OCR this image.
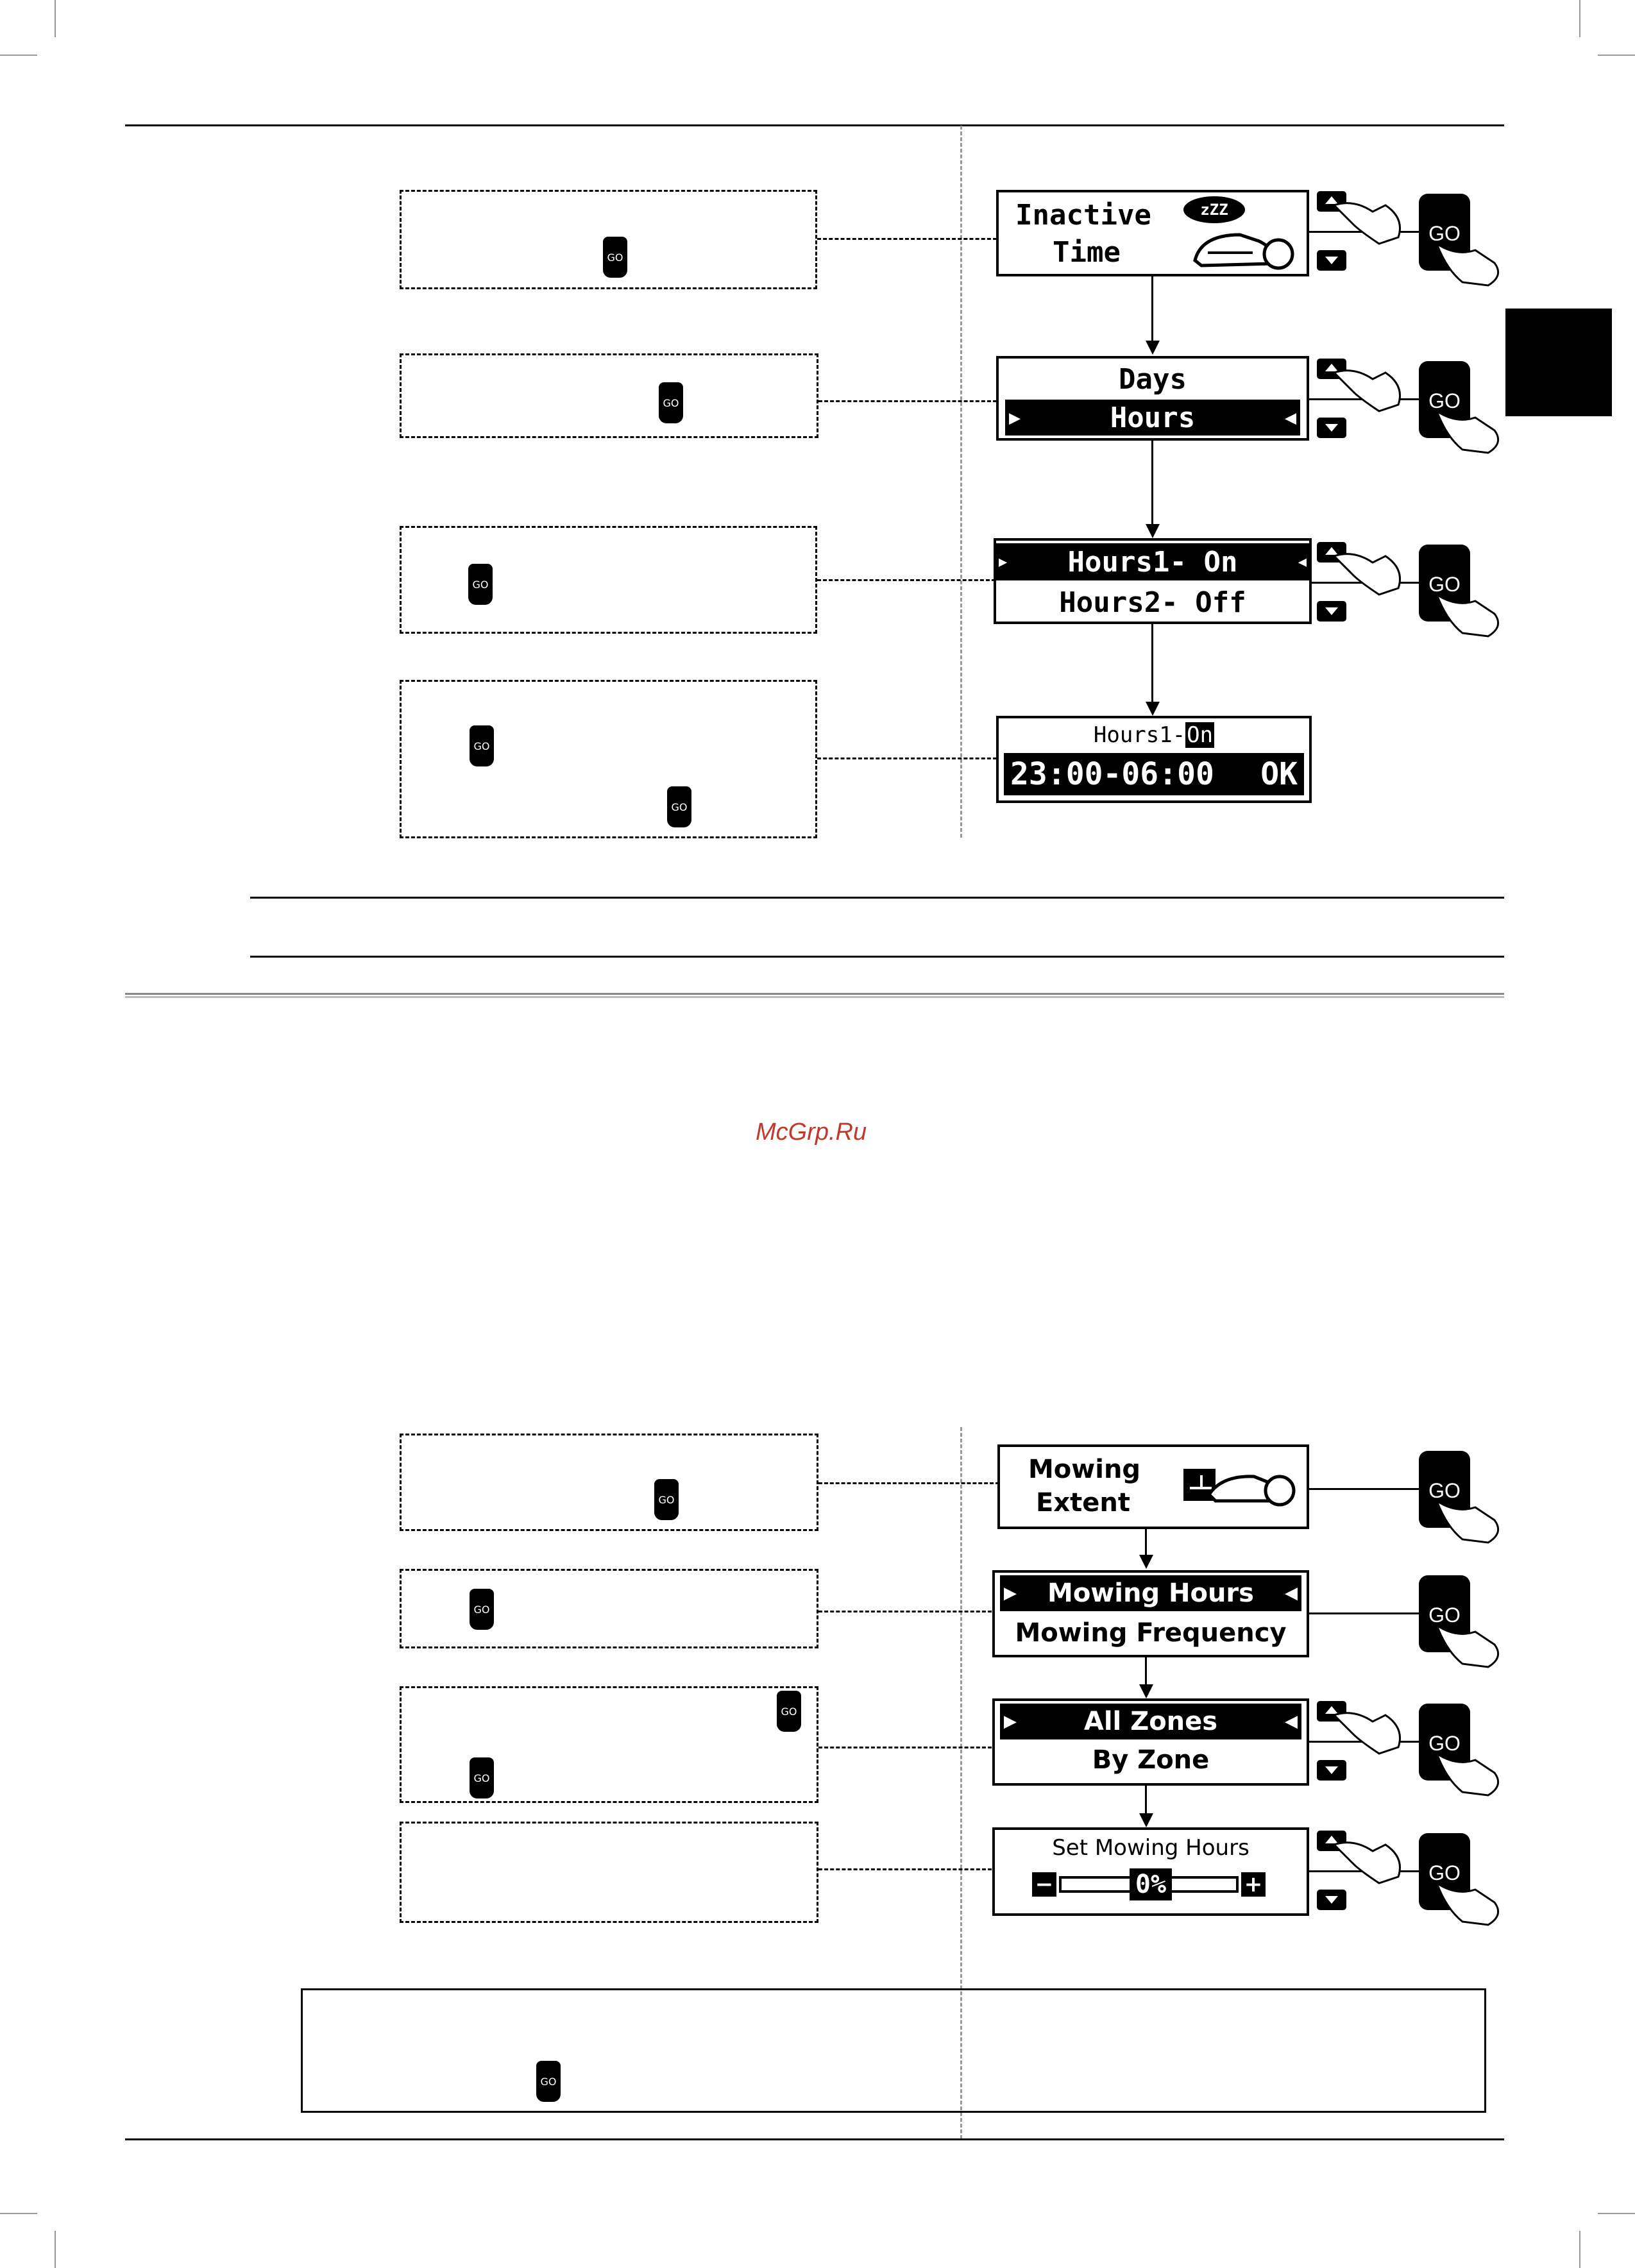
GO
GO
GO
GO
GO
Inactive
Time
zZZ
Days
▶	Hours	◀
▶ Hours1- On	◀
Hours2- Off
Hours1- On
23:00-06:00 OK
GO
GO
GO
McGrp.Ru
GO
GO
GO
GO
Mowing
Extent
▶ Mowing Hours ◀
Mowing Frequency
▶	All Zones	◀
By Zone
Set Mowing Hours
−	0%	+
GO
GO
GO
GO
GO
